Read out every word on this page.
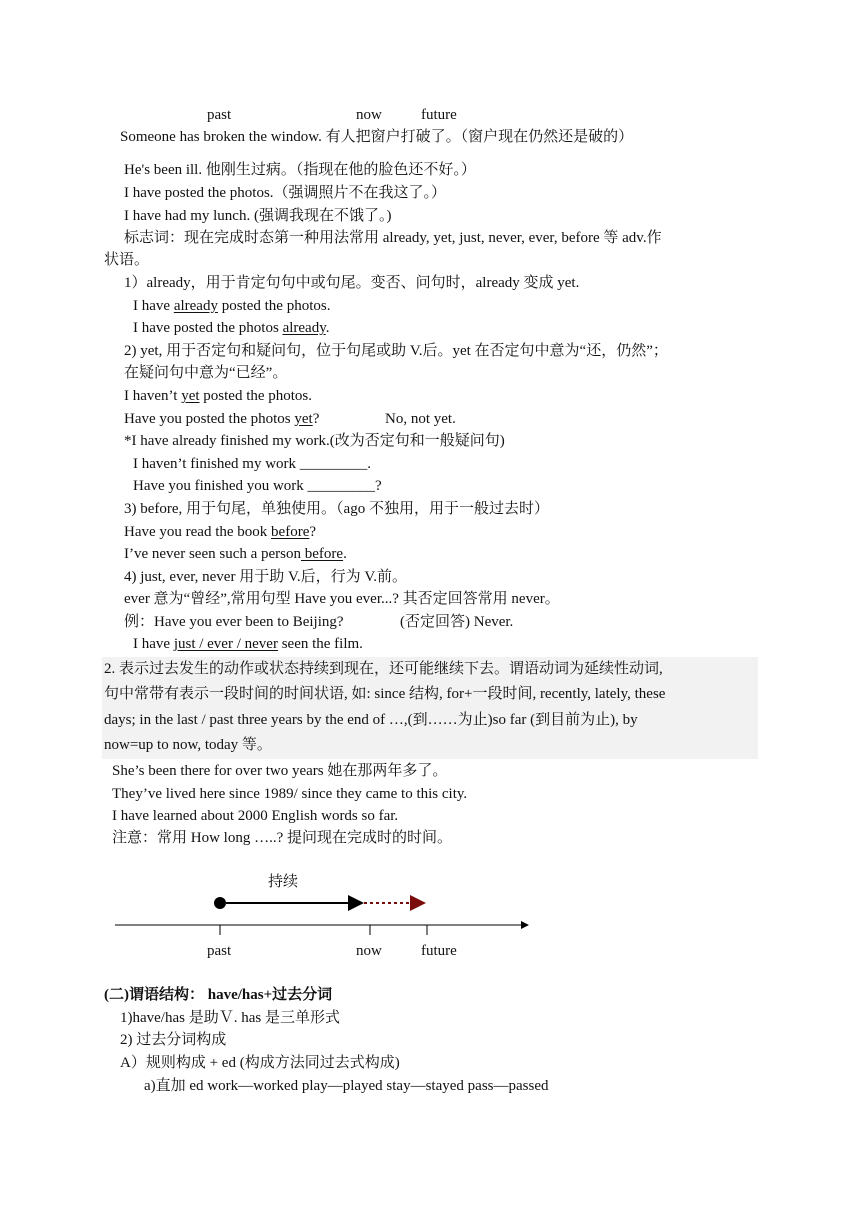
past	now	future
Someone has broken the window. 有人把窗户打破了。（窗户现在仍然还是破的）
He's been ill. 他刚生过病。（指现在他的脸色还不好。）
I have posted the photos.（强调照片不在我这了。）
I have had my lunch. (强调我现在不饿了。)
标志词：现在完成时态第一种用法常用 already, yet, just, never, ever, before 等 adv.作
状语。
1）already，用于肯定句句中或句尾。变否、问句时，already 变成 yet.
I have already posted the photos.
I have posted the photos already.
2) yet, 用于否定句和疑问句，位于句尾或助 V.后。yet 在否定句中意为“还，仍然”；
在疑问句中意为“已经”。
I haven’t yet posted the photos.
Have you posted the photos yet?	No, not yet.
*I have already finished my work.(改为否定句和一般疑问句)
I haven’t finished my work _________.
Have you finished you work _________?
3) before, 用于句尾，单独使用。（ago 不独用，用于一般过去时）
Have you read the book before?
I’ve never seen such a person before.
4) just, ever, never 用于助 V.后，行为 V.前。
ever 意为“曾经”,常用句型 Have you ever...? 其否定回答常用 never。
例：Have you ever been to Beijing?	(否定回答) Never.
I have just / ever / never seen the film.
2. 表示过去发生的动作或状态持续到现在，还可能继续下去。谓语动词为延续性动词,
句中常带有表示一段时间的时间状语, 如: since 结构, for+一段时间, recently, lately, these
days; in the last / past three years by the end of …,(到……为止)so far (到目前为止), by
now=up to now, today 等。
She’s been there for over two years 她在那两年多了。
They’ve lived here since 1989/ since they came to this city.
I have learned about 2000 English words so far.
注意：常用 How long …..? 提问现在完成时的时间。
持续
past	now	future
(二)谓语结构： have/has+过去分词
1)have/has 是助Ｖ. has 是三单形式
2) 过去分词构成
A）规则构成 + ed (构成方法同过去式构成)
a)直加 ed work—worked play—played stay—stayed pass—passed
